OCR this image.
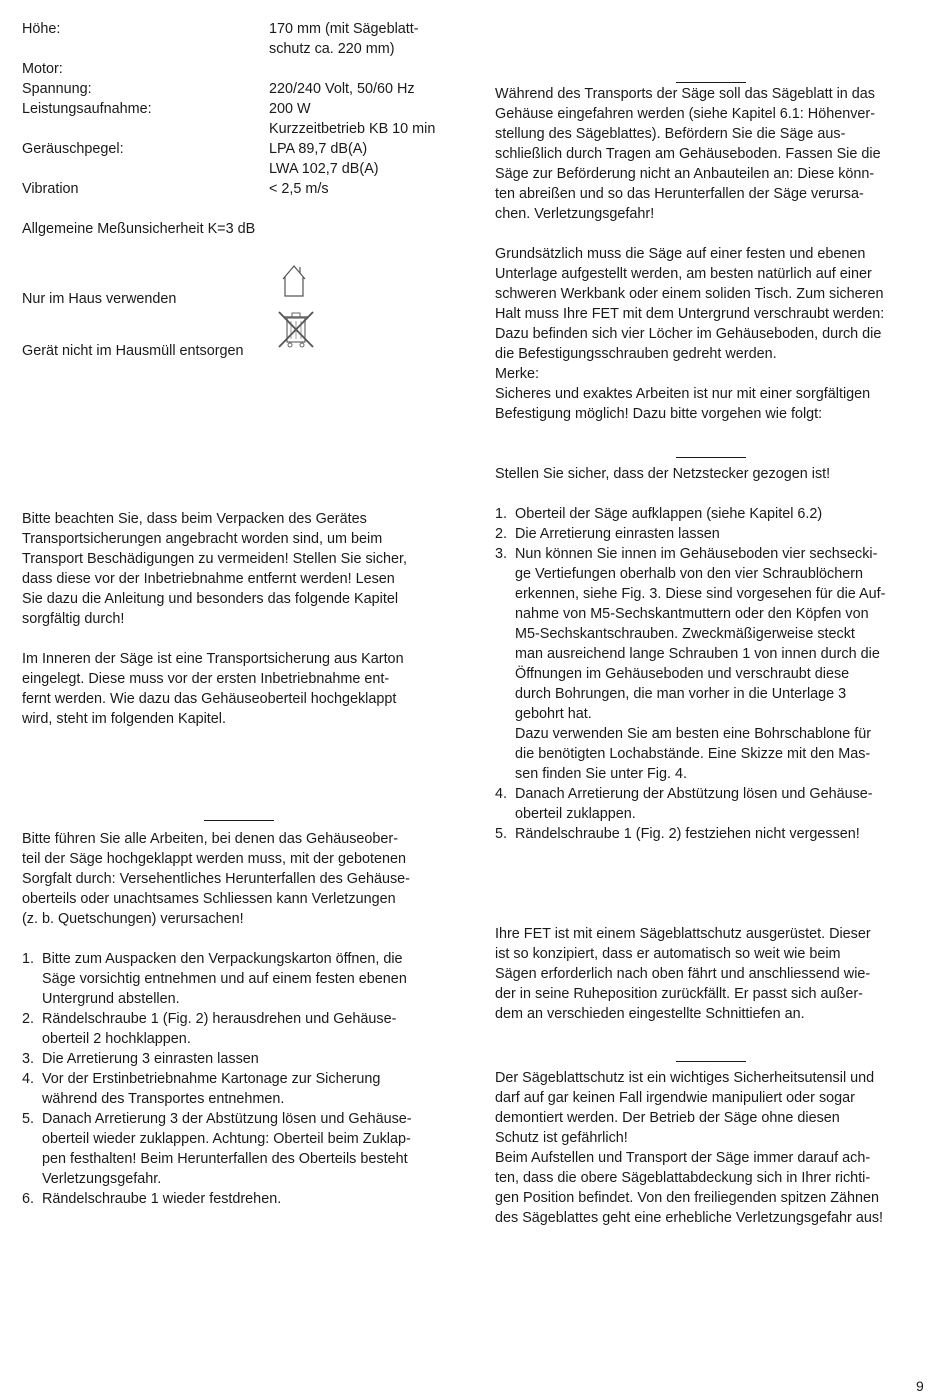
Höhe:	170 mm (mit Sägeblatt-
schutz ca. 220 mm)
Motor:
Spannung:	220/240 Volt, 50/60 Hz
Leistungsaufnahme:	200 W
Kurzzeitbetrieb KB 10 min
Geräuschpegel:	LPA 89,7 dB(A)
LWA 102,7 dB(A)
Vibration	< 2,5 m/s
Allgemeine Meßunsicherheit K=3 dB
Nur im Haus verwenden
Gerät nicht im Hausmüll entsorgen
Bitte beachten Sie, dass beim Verpacken des Gerätes
Transportsicherungen angebracht worden sind, um beim
Transport Beschädigungen zu vermeiden! Stellen Sie sicher,
dass diese vor der Inbetriebnahme entfernt werden! Lesen
Sie dazu die Anleitung und besonders das folgende Kapitel
sorgfältig durch!
Im Inneren der Säge ist eine Transportsicherung aus Karton
eingelegt. Diese muss vor der ersten Inbetriebnahme ent-
fernt werden. Wie dazu das Gehäuseoberteil hochgeklappt
wird, steht im folgenden Kapitel.
Bitte führen Sie alle Arbeiten, bei denen das Gehäuseober-
teil der Säge hochgeklappt werden muss, mit der gebotenen
Sorgfalt durch: Versehentliches Herunterfallen des Gehäuse-
oberteils oder unachtsames Schliessen kann Verletzungen
(z. b. Quetschungen) verursachen!
1. Bitte zum Auspacken den Verpackungskarton öffnen, die
Säge vorsichtig entnehmen und auf einem festen ebenen
Untergrund abstellen.
2. Rändelschraube 1 (Fig. 2) herausdrehen und Gehäuse-
oberteil 2 hochklappen.
3. Die Arretierung 3 einrasten lassen
4. Vor der Erstinbetriebnahme Kartonage zur Sicherung
während des Transportes entnehmen.
5. Danach Arretierung 3 der Abstützung lösen und Gehäuse-
oberteil wieder zuklappen. Achtung: Oberteil beim Zuklap-
pen festhalten! Beim Herunterfallen des Oberteils besteht
Verletzungsgefahr.
6. Rändelschraube 1 wieder festdrehen.
Während des Transports der Säge soll das Sägeblatt in das
Gehäuse eingefahren werden (siehe Kapitel 6.1: Höhenver-
stellung des Sägeblattes). Befördern Sie die Säge aus-
schließlich durch Tragen am Gehäuseboden. Fassen Sie die
Säge zur Beförderung nicht an Anbauteilen an: Diese könn-
ten abreißen und so das Herunterfallen der Säge verursa-
chen. Verletzungsgefahr!
Grundsätzlich muss die Säge auf einer festen und ebenen
Unterlage aufgestellt werden, am besten natürlich auf einer
schweren Werkbank oder einem soliden Tisch. Zum sicheren
Halt muss Ihre FET mit dem Untergrund verschraubt werden:
Dazu befinden sich vier Löcher im Gehäuseboden, durch die
die Befestigungsschrauben gedreht werden.
Merke:
Sicheres und exaktes Arbeiten ist nur mit einer sorgfältigen
Befestigung möglich! Dazu bitte vorgehen wie folgt:
Stellen Sie sicher, dass der Netzstecker gezogen ist!
1. Oberteil der Säge aufklappen (siehe Kapitel 6.2)
2. Die Arretierung einrasten lassen
3. Nun können Sie innen im Gehäuseboden vier sechsecki-
ge Vertiefungen oberhalb von den vier Schraublöchern
erkennen, siehe Fig. 3. Diese sind vorgesehen für die Auf-
nahme von M5-Sechskantmuttern oder den Köpfen von
M5-Sechskantschrauben. Zweckmäßigerweise steckt
man ausreichend lange Schrauben 1 von innen durch die
Öffnungen im Gehäuseboden und verschraubt diese
durch Bohrungen, die man vorher in die Unterlage 3
gebohrt hat.
Dazu verwenden Sie am besten eine Bohrschablone für
die benötigten Lochabstände. Eine Skizze mit den Mas-
sen finden Sie unter Fig. 4.
4. Danach Arretierung der Abstützung lösen und Gehäuse-
oberteil zuklappen.
5. Rändelschraube 1 (Fig. 2) festziehen nicht vergessen!
Ihre FET ist mit einem Sägeblattschutz ausgerüstet. Dieser
ist so konzipiert, dass er automatisch so weit wie beim
Sägen erforderlich nach oben fährt und anschliessend wie-
der in seine Ruheposition zurückfällt. Er passt sich außer-
dem an verschieden eingestellte Schnittiefen an.
Der Sägeblattschutz ist ein wichtiges Sicherheitsutensil und
darf auf gar keinen Fall irgendwie manipuliert oder sogar
demontiert werden. Der Betrieb der Säge ohne diesen
Schutz ist gefährlich!
Beim Aufstellen und Transport der Säge immer darauf ach-
ten, dass die obere Sägeblattabdeckung sich in Ihrer richti-
gen Position befindet. Von den freiliegenden spitzen Zähnen
des Sägeblattes geht eine erhebliche Verletzungsgefahr aus!
9
